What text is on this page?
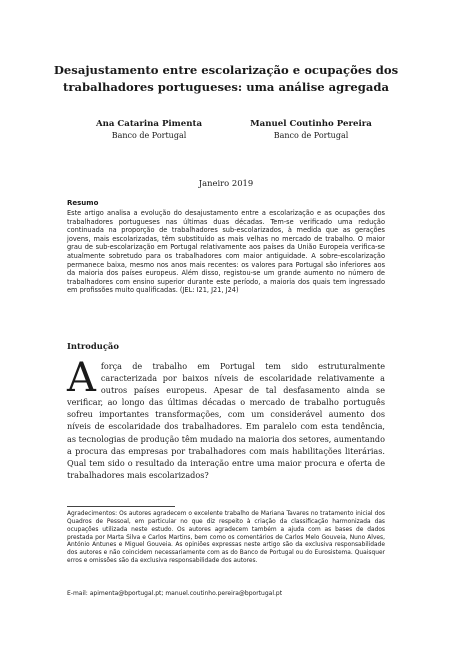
Desajustamento entre escolarização e ocupações dos trabalhadores portugueses: uma análise agregada
Ana Catarina Pimenta
Banco de Portugal
Manuel Coutinho Pereira
Banco de Portugal
Janeiro 2019
Resumo

Este artigo analisa a evolução do desajustamento entre a escolarização e as ocupações dos trabalhadores portugueses nas últimas duas décadas. Tem-se verificado uma redução continuada na proporção de trabalhadores sub-escolarizados, à medida que as gerações jovens, mais escolarizadas, têm substituído as mais velhas no mercado de trabalho. O maior grau de sub-escolarização em Portugal relativamente aos países da União Europeia verifica-se atualmente sobretudo para os trabalhadores com maior antiguidade. A sobre-escolarização permanece baixa, mesmo nos anos mais recentes: os valores para Portugal são inferiores aos da maioria dos países europeus. Além disso, registou-se um grande aumento no número de trabalhadores com ensino superior durante este período, a maioria dos quais tem ingressado em profissões muito qualificadas. (JEL: I21, J21, J24)

Introdução

Aforça de trabalho em Portugal tem sido estruturalmente caracterizada por baixos níveis de escolaridade relativamente a outros países europeus. Apesar de tal desfasamento ainda se verificar, ao longo das últimas décadas o mercado de trabalho português sofreu importantes transformações, com um considerável aumento dos níveis de escolaridade dos trabalhadores. Em paralelo com esta tendência, as tecnologias de produção têm mudado na maioria dos setores, aumentando a procura das empresas por trabalhadores com mais habilitações literárias. Qual tem sido o resultado da interação entre uma maior procura e oferta de trabalhadores mais escolarizados?

Agradecimentos: Os autores agradecem o excelente trabalho de Mariana Tavares no tratamento inicial dos Quadros de Pessoal, em particular no que diz respeito à criação da classificação harmonizada das ocupações utilizada neste estudo. Os autores agradecem também a ajuda com as bases de dados prestada por Marta Silva e Carlos Martins, bem como os comentários de Carlos Melo Gouveia, Nuno Alves, António Antunes e Miguel Gouveia. As opiniões expressas neste artigo são da exclusiva responsabilidade dos autores e não coincidem necessariamente com as do Banco de Portugal ou do Eurosistema. Quaisquer erros e omissões são da exclusiva responsabilidade dos autores.

E-mail: apimenta@bportugal.pt; manuel.coutinho.pereira@bportugal.pt
